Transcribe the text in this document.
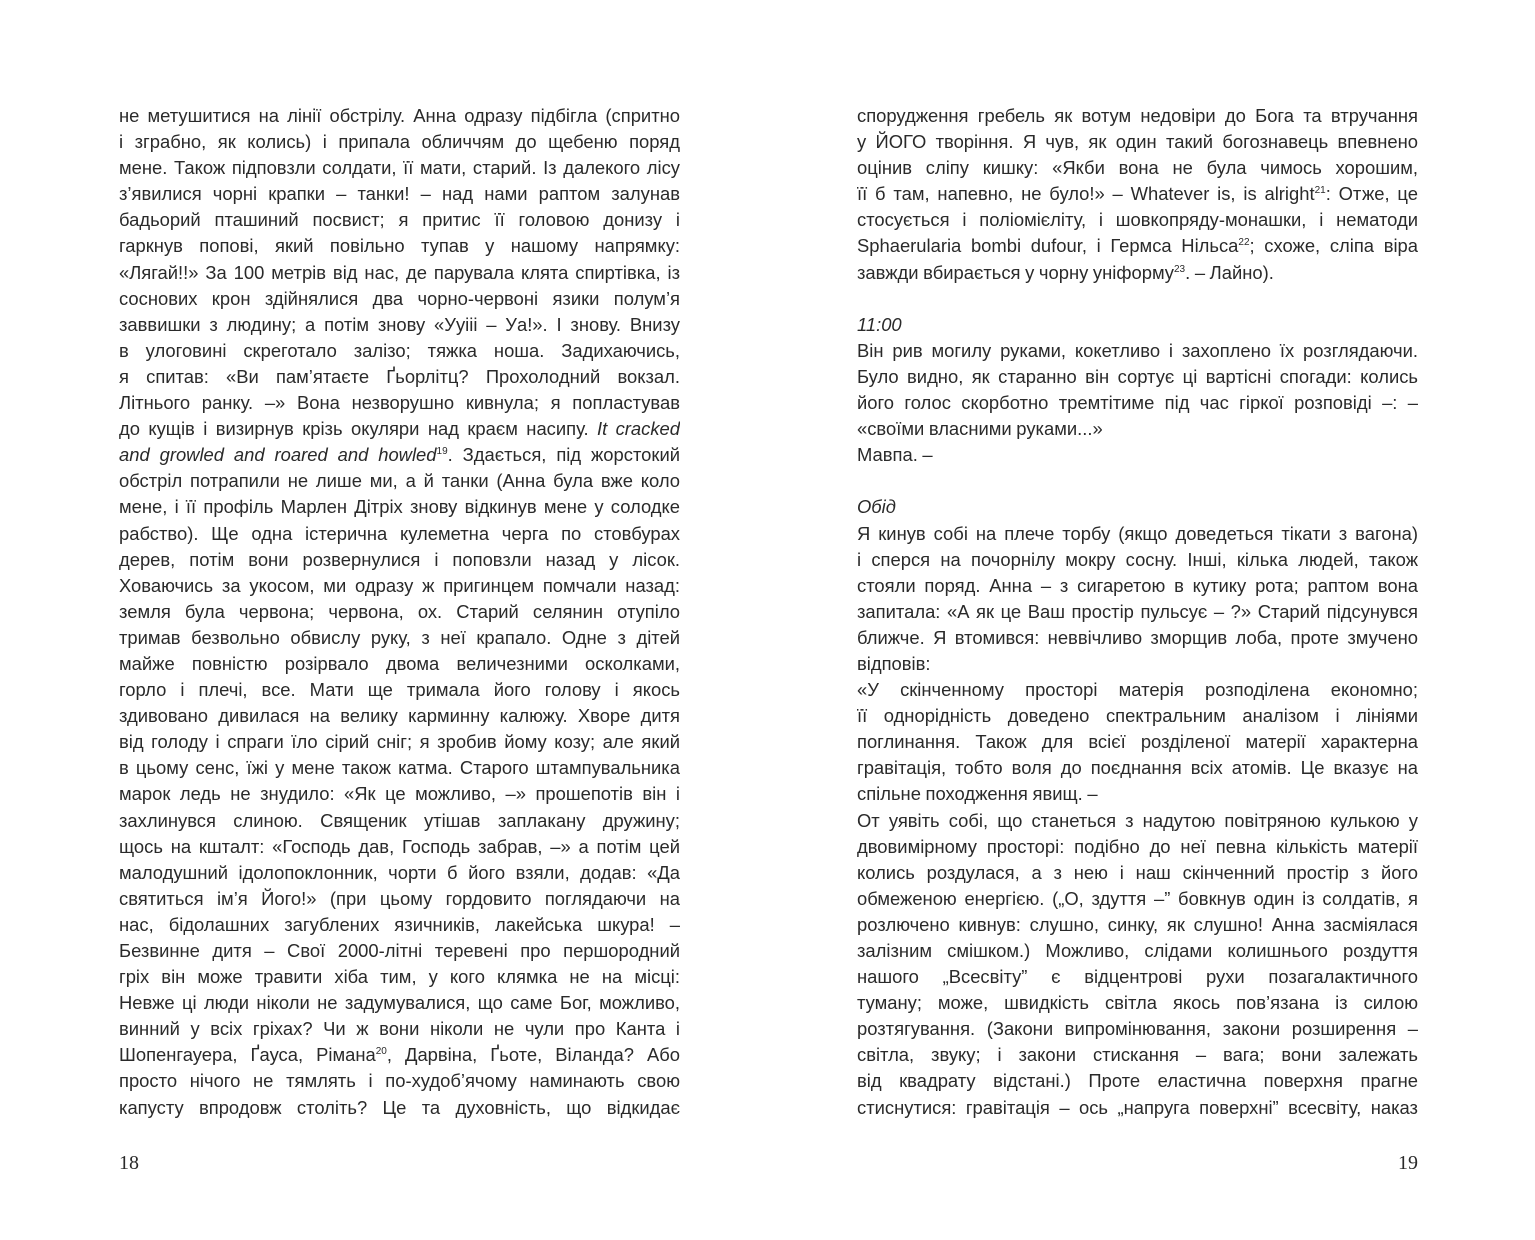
не метушитися на лінії обстрілу. Анна одразу підбігла (спритно
і зграбно, як колись) і припала обличчям до щебеню поряд
мене. Також підповзли солдати, її мати, старий. Із далекого лісу
з’явилися чорні крапки – танки! – над нами раптом залунав
бадьорий пташиний посвист; я притис її головою донизу і
гаркнув попові, який повільно тупав у нашому напрямку:
«Лягай!!» За 100 метрів від нас, де парувала клята спиртівка, із
соснових крон здійнялися два чорно-червоні язики полум’я
заввишки з людину; а потім знову «Ууііі – Уа!». І знову. Внизу
в улоговині скреготало залізо; тяжка ноша. Задихаючись,
я спитав: «Ви пам’ятаєте Ґьорлітц? Прохолодний вокзал.
Літнього ранку. –» Вона незворушно кивнула; я попластував
до кущів і визирнув крізь окуляри над краєм насипу. It cracked
and growled and roared and howled$^{19}$. Здається, під жорстокий
обстріл потрапили не лише ми, а й танки (Анна була вже коло
мене, і її профіль Марлен Дітріх знову відкинув мене у солодке
рабство). Ще одна істерична кулеметна черга по стовбурах
дерев, потім вони розвернулися і поповзли назад у лісок.
Ховаючись за укосом, ми одразу ж пригинцем помчали назад:
земля була червона; червона, ох. Старий селянин отупіло
тримав безвольно обвислу руку, з неї крапало. Одне з дітей
майже повністю розірвало двома величезними осколками,
горло і плечі, все. Мати ще тримала його голову і якось
здивовано дивилася на велику карминну калюжу. Хворе дитя
від голоду і спраги їло сірий сніг; я зробив йому козу; але який
в цьому сенс, їжі у мене також катма. Старого штампувальника
марок ледь не знудило: «Як це можливо, –» прошепотів він і
захлинувся слиною. Священик утішав заплакану дружину;
щось на кшталт: «Господь дав, Господь забрав, –» а потім цей
малодушний ідолопоклонник, чорти б його взяли, додав: «Да
святиться ім’я Його!» (при цьому гордовито поглядаючи на
нас, бідолашних загублених язичників, лакейська шкура! –
Безвинне дитя – Свої 2000-літні теревені про першородний
гріх він може травити хіба тим, у кого клямка не на місці:
Невже ці люди ніколи не задумувалися, що саме Бог, можливо,
винний у всіх гріхах? Чи ж вони ніколи не чули про Канта і
Шопенгауера, Ґауса, Рімана$^{20}$, Дарвіна, Ґьоте, Віланда? Або
просто нічого не тямлять і по-худоб’ячому наминають свою
капусту впродовж століть? Це та духовність, що відкидає
18
спорудження гребель як вотум недовіри до Бога та втручання
у ЙОГО творіння. Я чув, як один такий богознавець впевнено
оцінив сліпу кишку: «Якби вона не була чимось хорошим,
її б там, напевно, не було!» – Whatever is, is alright$^{21}$: Отже, це
стосується і поліомієліту, і шовкопряду-монашки, і нематоди
Sphaerularia bombi dufour, і Гермса Нільса$^{22}$; схоже, сліпа віра
завжди вбирається у чорну уніформу$^{23}$. – Лайно).
11:00
Він рив могилу руками, кокетливо і захоплено їх розглядаючи.
Було видно, як старанно він сортує ці вартісні спогади: колись
його голос скорботно тремтітиме під час гіркої розповіді –: –
«своїми власними руками...»
Мавпа. –
Обід
Я кинув собі на плече торбу (якщо доведеться тікати з вагона)
і сперся на почорнілу мокру сосну. Інші, кілька людей, також
стояли поряд. Анна – з сигаретою в кутику рота; раптом вона
запитала: «А як це Ваш простір пульсує – ?» Старий підсунувся
ближче. Я втомився: неввічливо зморщив лоба, проте змучено
відповів:
«У скінченному просторі матерія розподілена економно;
її однорідність доведено спектральним аналізом і лініями
поглинання. Також для всієї розділеної матерії характерна
гравітація, тобто воля до поєднання всіх атомів. Це вказує на
спільне походження явищ. –
От уявіть собі, що станеться з надутою повітряною кулькою у
двовимірному просторі: подібно до неї певна кількість матерії
колись роздулася, а з нею і наш скінченний простір з його
обмеженою енергією. („О, здуття –” бовкнув один із солдатів, я
розлючено кивнув: слушно, синку, як слушно! Анна засміялася
залізним смішком.) Можливо, слідами колишнього роздуття
нашого „Всесвіту” є відцентрові рухи позагалактичного
туману; може, швидкість світла якось пов’язана із силою
розтягування. (Закони випромінювання, закони розширення –
світла, звуку; і закони стискання – вага; вони залежать
від квадрату відстані.) Проте еластична поверхня прагне
стиснутися: гравітація – ось „напруга поверхні” всесвіту, наказ
19
